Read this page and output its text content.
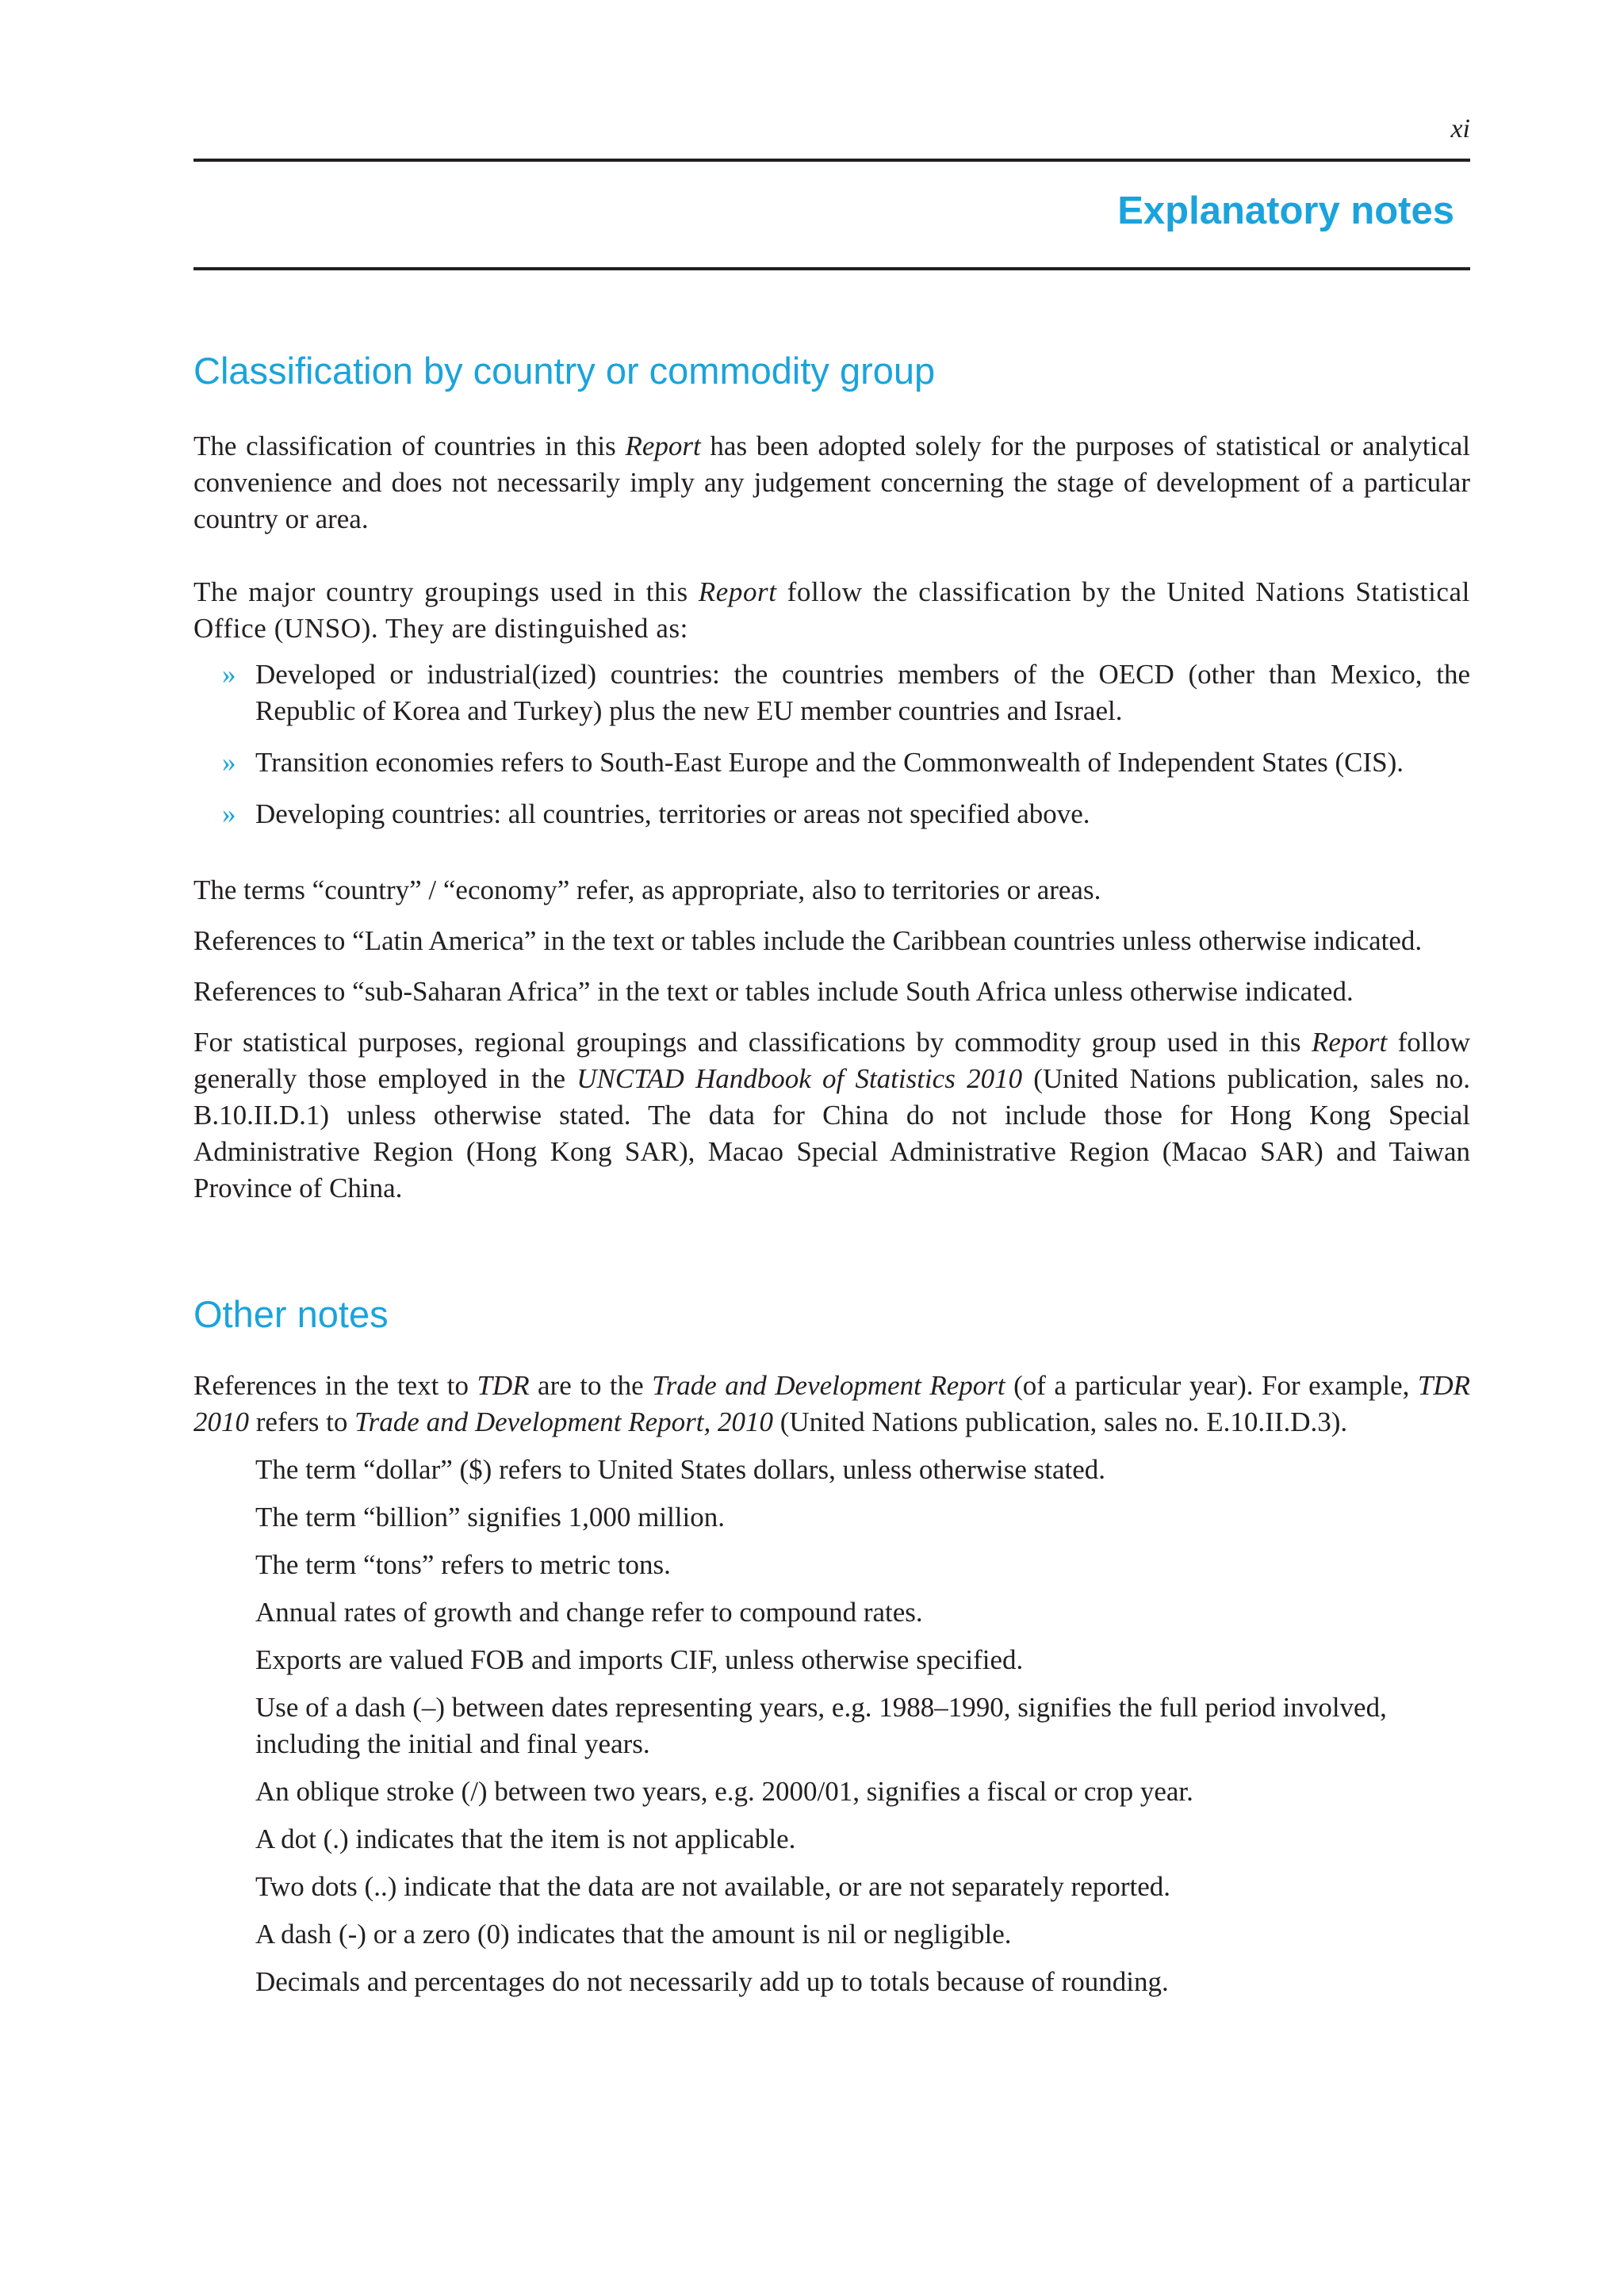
xi
Explanatory notes
Classification by country or commodity group

The classification of countries in this Report has been adopted solely for the purposes of statistical or analytical convenience and does not necessarily imply any judgement concerning the stage of development of a particular country or area.

The major country groupings used in this Report follow the classification by the United Nations Statistical Office (UNSO). They are distinguished as:

» Developed or industrial(ized) countries: the countries members of the OECD (other than Mexico, the Republic of Korea and Turkey) plus the new EU member countries and Israel.
» Transition economies refers to South-East Europe and the Commonwealth of Independent States (CIS).
» Developing countries: all countries, territories or areas not specified above.

The terms “country” / “economy” refer, as appropriate, also to territories or areas.

References to “Latin America” in the text or tables include the Caribbean countries unless otherwise indicated.

References to “sub-Saharan Africa” in the text or tables include South Africa unless otherwise indicated.

For statistical purposes, regional groupings and classifications by commodity group used in this Report follow generally those employed in the UNCTAD Handbook of Statistics 2010 (United Nations publication, sales no. B.10.II.D.1) unless otherwise stated. The data for China do not include those for Hong Kong Special Administrative Region (Hong Kong SAR), Macao Special Administrative Region (Macao SAR) and Taiwan Province of China.

Other notes

References in the text to TDR are to the Trade and Development Report (of a particular year). For example, TDR 2010 refers to Trade and Development Report, 2010 (United Nations publication, sales no. E.10.II.D.3).

The term “dollar” ($) refers to United States dollars, unless otherwise stated.

The term “billion” signifies 1,000 million.

The term “tons” refers to metric tons.

Annual rates of growth and change refer to compound rates.

Exports are valued FOB and imports CIF, unless otherwise specified.

Use of a dash (–) between dates representing years, e.g. 1988–1990, signifies the full period involved, including the initial and final years.

An oblique stroke (/) between two years, e.g. 2000/01, signifies a fiscal or crop year.

A dot (.) indicates that the item is not applicable.

Two dots (..) indicate that the data are not available, or are not separately reported.

A dash (-) or a zero (0) indicates that the amount is nil or negligible.

Decimals and percentages do not necessarily add up to totals because of rounding.
